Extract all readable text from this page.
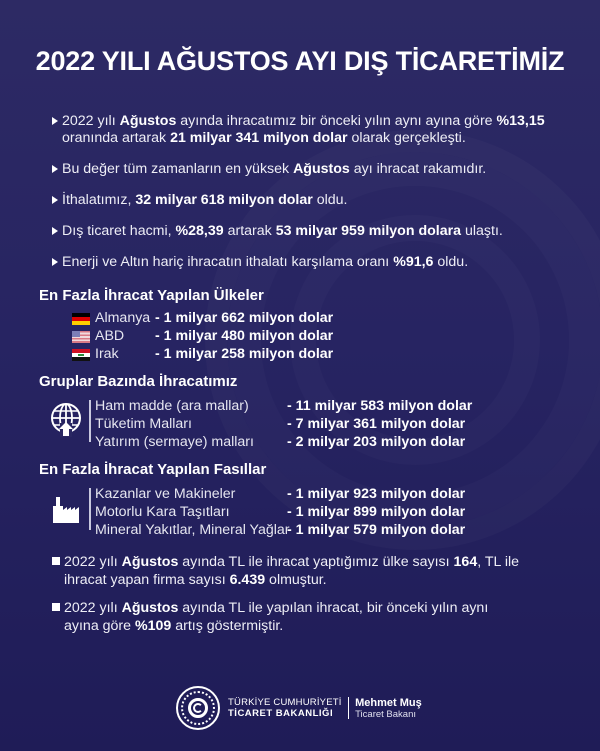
2022 YILI AĞUSTOS AYI DIŞ TİCARETİMİZ
2022 yılı Ağustos ayında ihracatımız bir önceki yılın aynı ayına göre %13,15
oranında artarak 21 milyar 341 milyon dolar olarak gerçekleşti.
Bu değer tüm zamanların en yüksek Ağustos ayı ihracat rakamıdır.
İthalatımız, 32 milyar 618 milyon dolar oldu.
Dış ticaret hacmi, %28,39 artarak 53 milyar 959 milyon dolara ulaştı.
Enerji ve Altın hariç ihracatın ithalatı karşılama oranı %91,6 oldu.
En Fazla İhracat Yapılan Ülkeler
Almanya - 1 milyar 662 milyon dolar
ABD - 1 milyar 480 milyon dolar
Irak	- 1 milyar 258 milyon dolar
Gruplar Bazında İhracatımız
Ham madde (ara mallar)	- 11 milyar 583 milyon dolar
Tüketim Malları	- 7 milyar 361 milyon dolar
Yatırım (sermaye) malları - 2 milyar 203 milyon dolar
En Fazla İhracat Yapılan Fasıllar
Kazanlar ve Makineler	- 1 milyar 923 milyon dolar
Motorlu Kara Taşıtları	- 1 milyar 899 milyon dolar
Mineral Yakıtlar, Mineral Yağlar
- 1 milyar 579 milyon dolar
2022 yılı Ağustos ayında TL ile ihracat yaptığımız ülke sayısı 164, TL ile ihracat yapan firma sayısı 6.439 olmuştur.
2022 yılı Ağustos ayında TL ile yapılan ihracat, bir önceki yılın aynı ayına göre %109 artış göstermiştir.
TÜRKİYE CUMHURİYETİ
TİCARET BAKANLIĞI
Mehmet Muş
Ticaret Bakanı
